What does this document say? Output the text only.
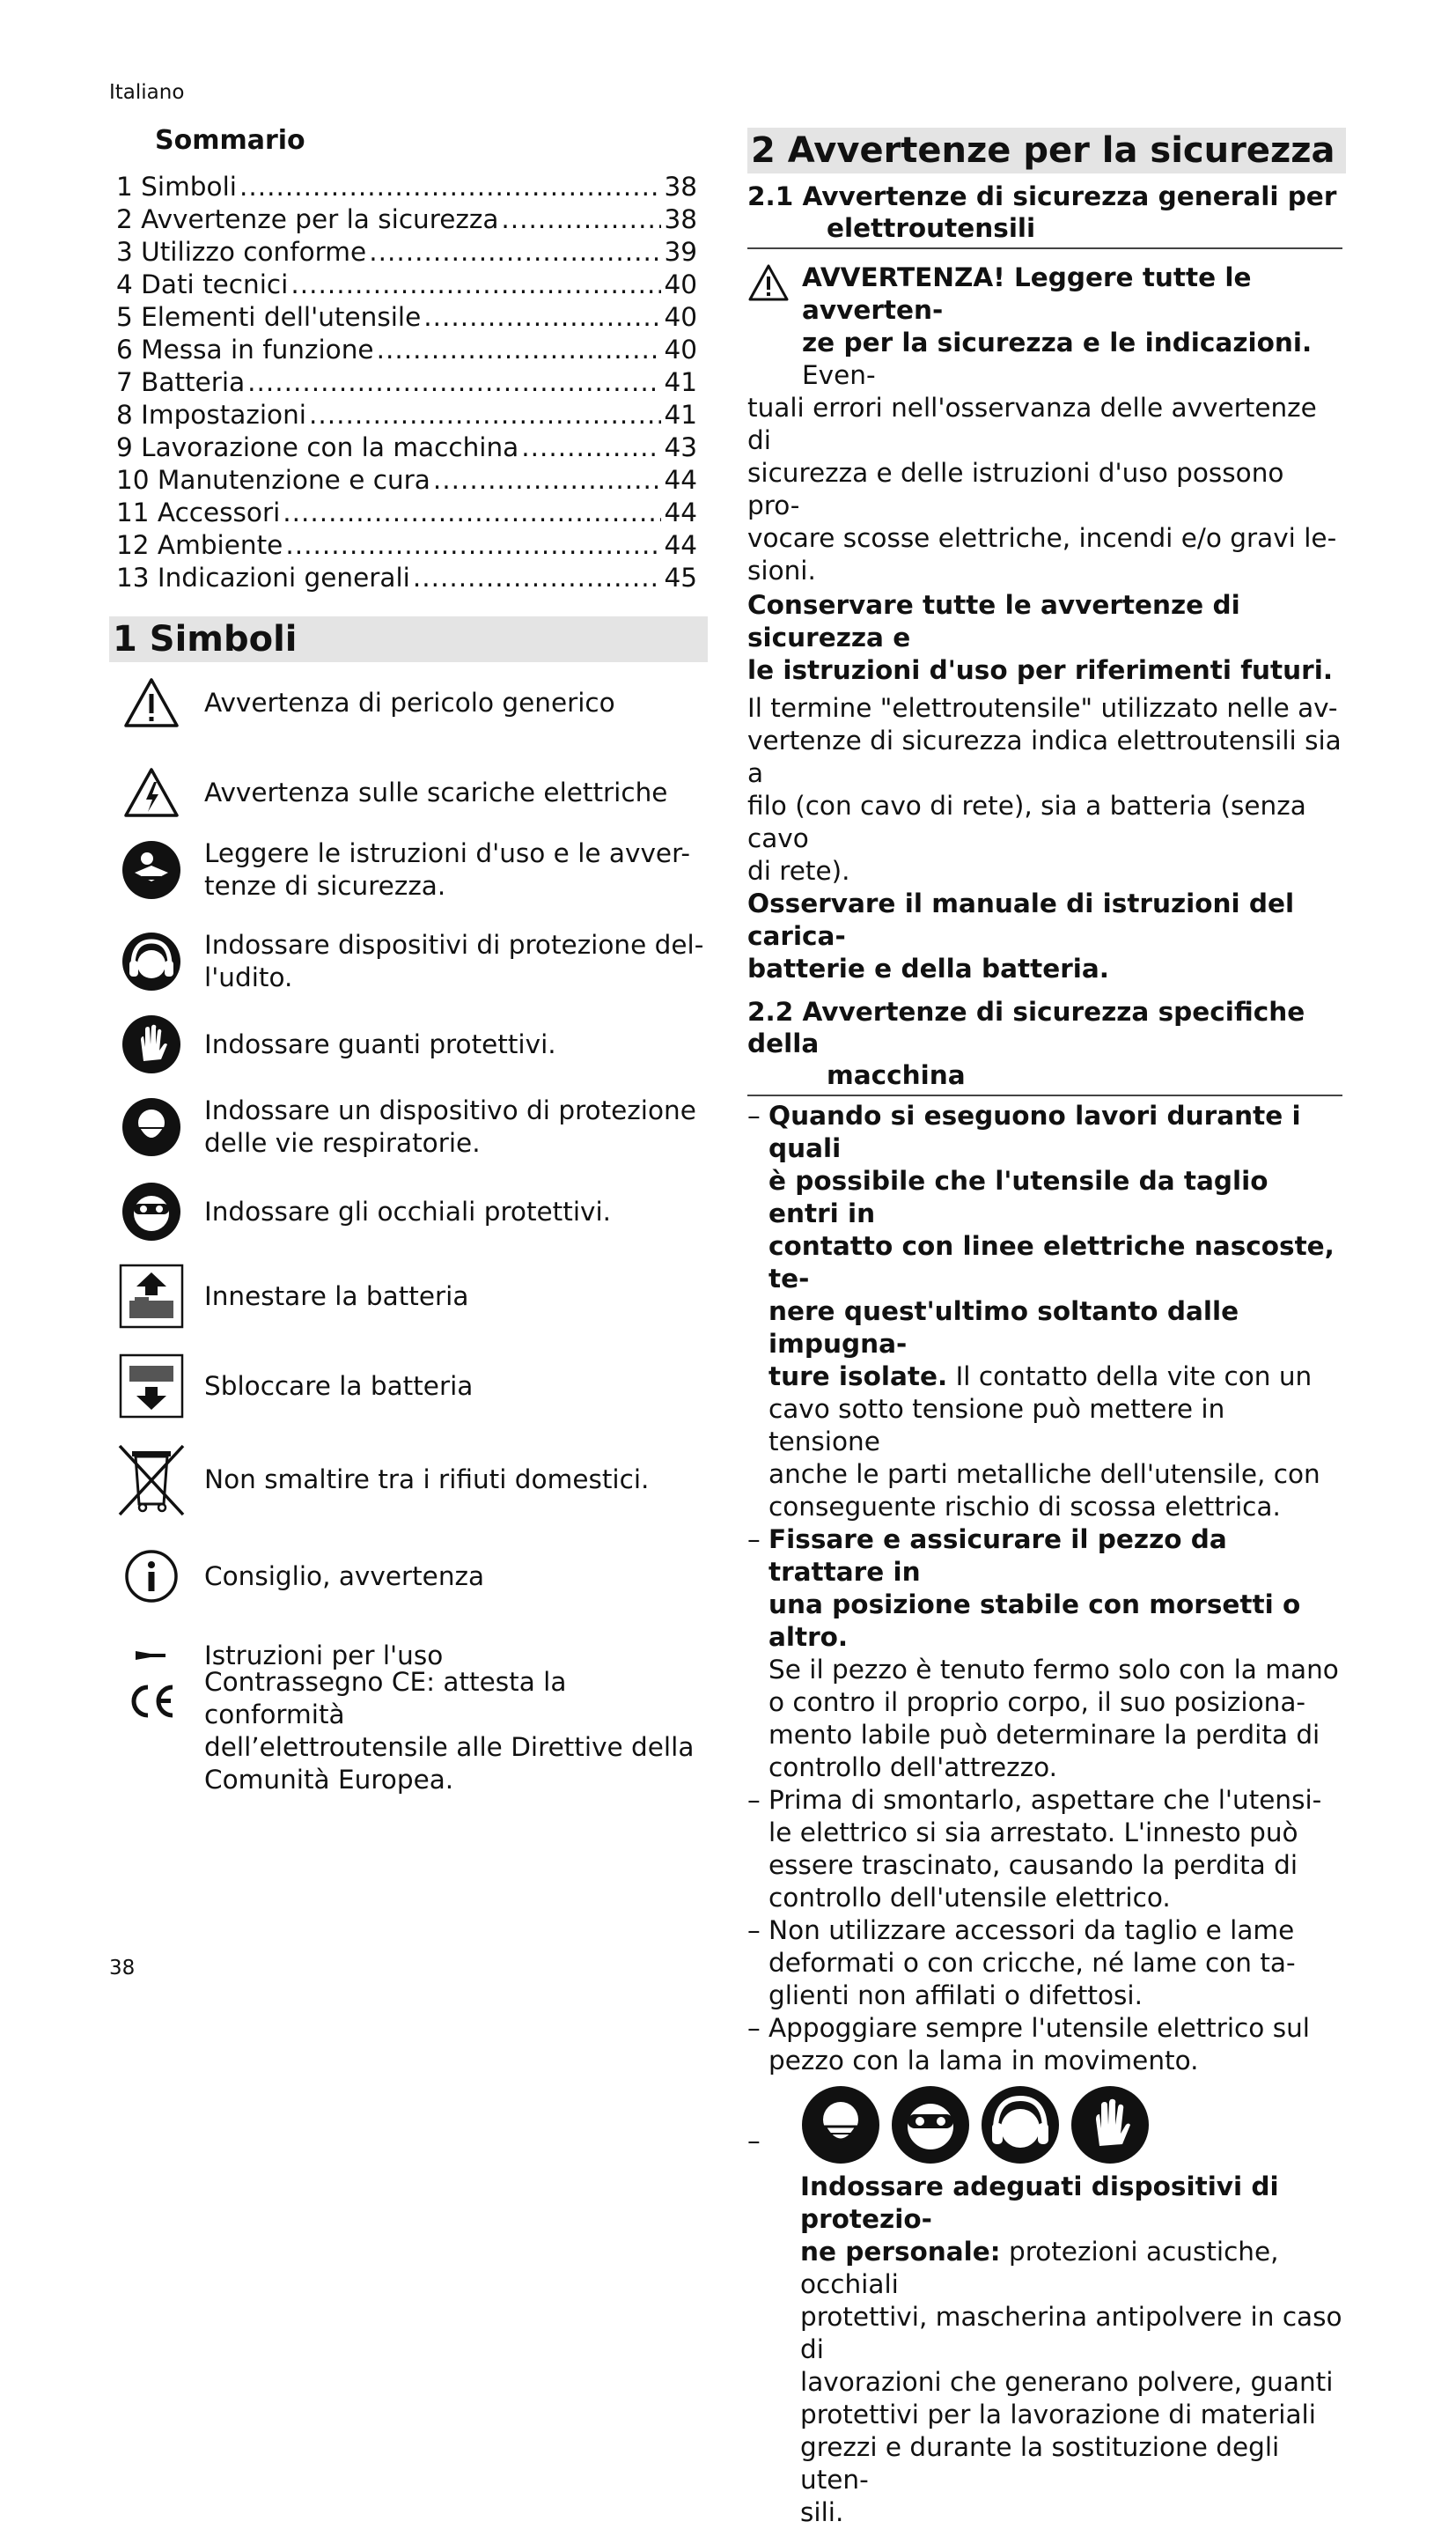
Italiano
Sommario
1 Simboli .....	38
2 Avvertenze per la sicurezza .....	38
3 Utilizzo conforme .....	39
4 Dati tecnici .....	40
5 Elementi dell'utensile .....	40
6 Messa in funzione .....	40
7 Batteria .....	41
8 Impostazioni .....	41
9 Lavorazione con la macchina .....	43
10 Manutenzione e cura .....	44
11 Accessori .....	44
12 Ambiente .....	44
13 Indicazioni generali .....	45
1 Simboli
Avvertenza di pericolo generico
Avvertenza sulle scariche elettriche
Leggere le istruzioni d'uso e le avver-
tenze di sicurezza.
Indossare dispositivi di protezione del-
l'udito.
Indossare guanti protettivi.
Indossare un dispositivo di protezione
delle vie respiratorie.
Indossare gli occhiali protettivi.
Innestare la batteria
Sbloccare la batteria
Non smaltire tra i rifiuti domestici.
Consiglio, avvertenza
Istruzioni per l'uso
Contrassegno CE: attesta la conformità
dell’elettroutensile alle Direttive della
Comunità Europea.
2 Avvertenze per la sicurezza
2.1 Avvertenze di sicurezza generali per
elettroutensili
AVVERTENZA! Leggere tutte le avverten-
ze per la sicurezza e le indicazioni. Even-
tuali errori nell'osservanza delle avvertenze di
sicurezza e delle istruzioni d'uso possono pro-
vocare scosse elettriche, incendi e/o gravi le-
sioni.
Conservare tutte le avvertenze di sicurezza e
le istruzioni d'uso per riferimenti futuri.
Il termine "elettroutensile" utilizzato nelle av-
vertenze di sicurezza indica elettroutensili sia a
filo (con cavo di rete), sia a batteria (senza cavo
di rete).
Osservare il manuale di istruzioni del carica-
batterie e della batteria.
2.2 Avvertenze di sicurezza specifiche della
macchina
– Quando si eseguono lavori durante i quali
è possibile che l'utensile da taglio entri in
contatto con linee elettriche nascoste, te-
nere quest'ultimo soltanto dalle impugna-
ture isolate. Il contatto della vite con un
cavo sotto tensione può mettere in tensione
anche le parti metalliche dell'utensile, con
conseguente rischio di scossa elettrica.
– Fissare e assicurare il pezzo da trattare in
una posizione stabile con morsetti o altro.
Se il pezzo è tenuto fermo solo con la mano
o contro il proprio corpo, il suo posiziona-
mento labile può determinare la perdita di
controllo dell'attrezzo.
– Prima di smontarlo, aspettare che l'utensi-
le elettrico si sia arrestato. L'innesto può
essere trascinato, causando la perdita di
controllo dell'utensile elettrico.
– Non utilizzare accessori da taglio e lame
deformati o con cricche, né lame con ta-
glienti non affilati o difettosi.
– Appoggiare sempre l'utensile elettrico sul
pezzo con la lama in movimento.
–
Indossare adeguati dispositivi di protezio-
ne personale: protezioni acustiche, occhiali
protettivi, mascherina antipolvere in caso di
lavorazioni che generano polvere, guanti
protettivi per la lavorazione di materiali
grezzi e durante la sostituzione degli uten-
sili.
38
